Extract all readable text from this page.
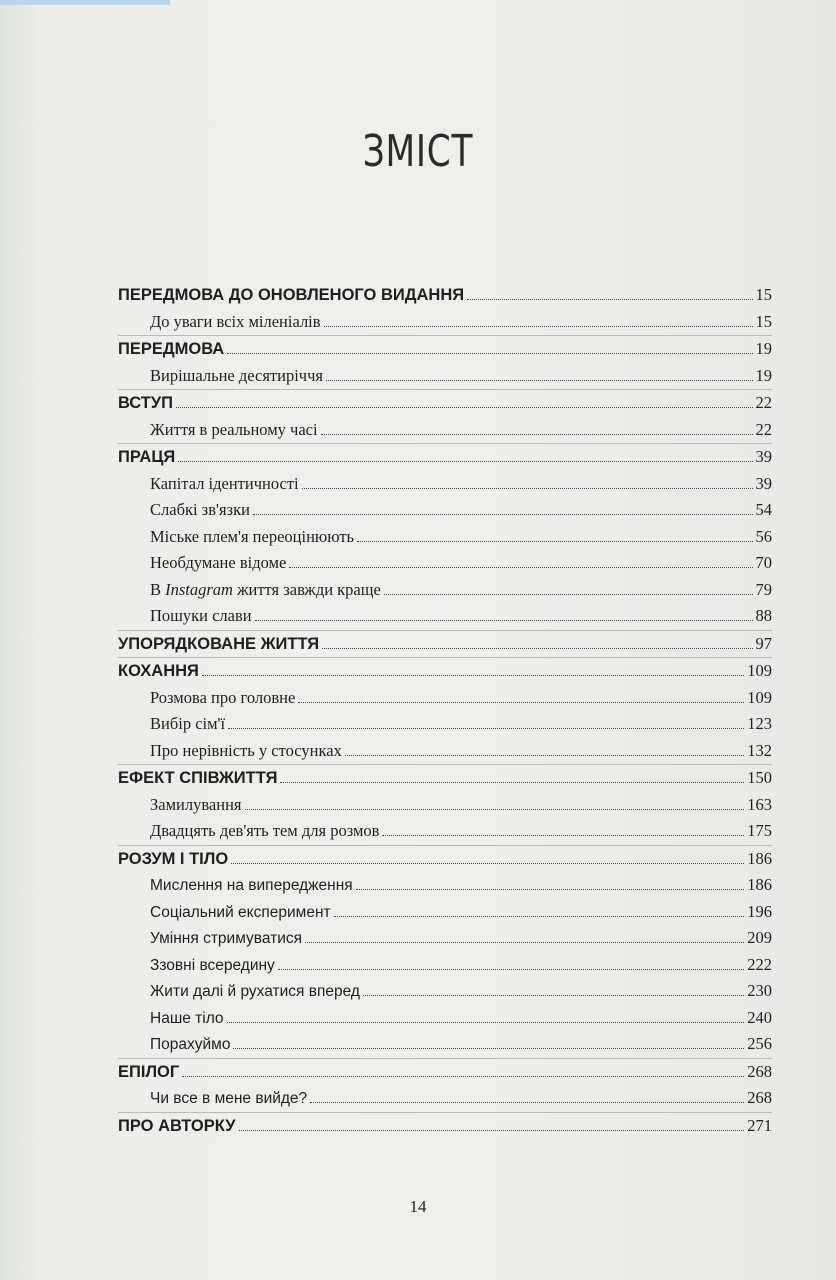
ЗМІСТ
ПЕРЕДМОВА ДО ОНОВЛЕНОГО ВИДАННЯ	15
До уваги всіх міленіалів	15
ПЕРЕДМОВА	19
Вирішальне десятиріччя	19
ВСТУП	22
Життя в реальному часі	22
ПРАЦЯ	39
Капітал ідентичності	39
Слабкі зв'язки	54
Міське плем'я переоцінюють	56
Необдумане відоме	70
В Instagram життя завжди краще	79
Пошуки слави	88
УПОРЯДКОВАНЕ ЖИТТЯ	97
КОХАННЯ	109
Розмова про головне	109
Вибір сім'ї	123
Про нерівність у стосунках	132
ЕФЕКТ СПІВЖИТТЯ	150
Замилування	163
Двадцять дев'ять тем для розмов	175
РОЗУМ І ТІЛО	186
Мислення на випередження	186
Соціальний експеримент	196
Уміння стримуватися	209
Ззовні всередину	222
Жити далі й рухатися вперед	230
Наше тіло	240
Порахуймо	256
ЕПІЛОГ	268
Чи все в мене вийде?	268
ПРО АВТОРКУ	271
14
